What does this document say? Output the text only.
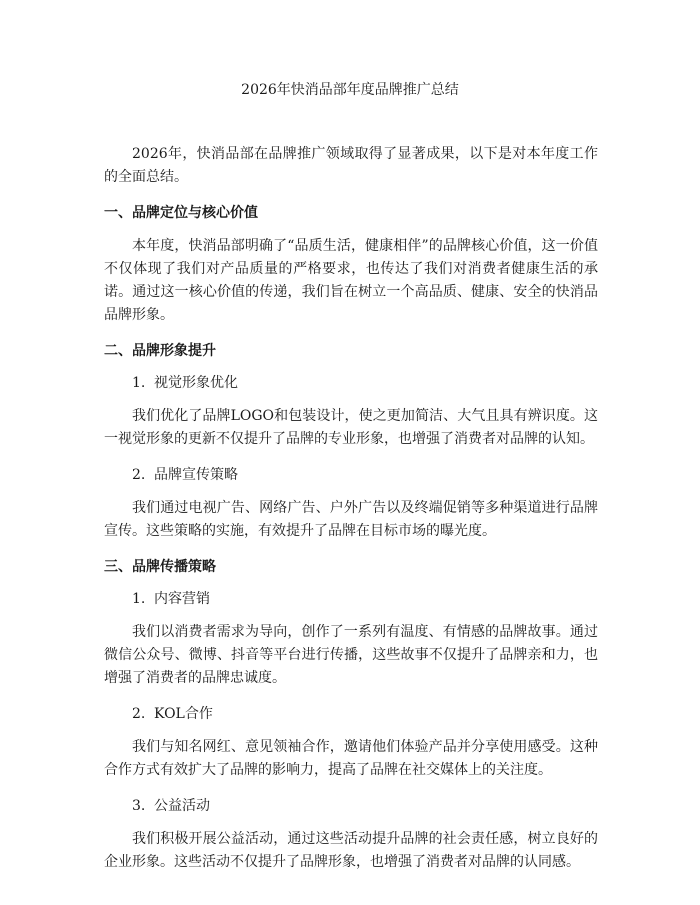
2026年快消品部年度品牌推广总结

2026年，快消品部在品牌推广领域取得了显著成果，以下是对本年度工作的全面总结。

一、品牌定位与核心价值

本年度，快消品部明确了“品质生活，健康相伴”的品牌核心价值，这一价值不仅体现了我们对产品质量的严格要求，也传达了我们对消费者健康生活的承诺。通过这一核心价值的传递，我们旨在树立一个高品质、健康、安全的快消品品牌形象。

二、品牌形象提升
1. 视觉形象优化

我们优化了品牌LOGO和包装设计，使之更加简洁、大气且具有辨识度。这一视觉形象的更新不仅提升了品牌的专业形象，也增强了消费者对品牌的认知。

2. 品牌宣传策略

我们通过电视广告、网络广告、户外广告以及终端促销等多种渠道进行品牌宣传。这些策略的实施，有效提升了品牌在目标市场的曝光度。

三、品牌传播策略
1. 内容营销

我们以消费者需求为导向，创作了一系列有温度、有情感的品牌故事。通过微信公众号、微博、抖音等平台进行传播，这些故事不仅提升了品牌亲和力，也增强了消费者的品牌忠诚度。

2. KOL合作

我们与知名网红、意见领袖合作，邀请他们体验产品并分享使用感受。这种合作方式有效扩大了品牌的影响力，提高了品牌在社交媒体上的关注度。

3. 公益活动

我们积极开展公益活动，通过这些活动提升品牌的社会责任感，树立良好的企业形象。这些活动不仅提升了品牌形象，也增强了消费者对品牌的认同感。
